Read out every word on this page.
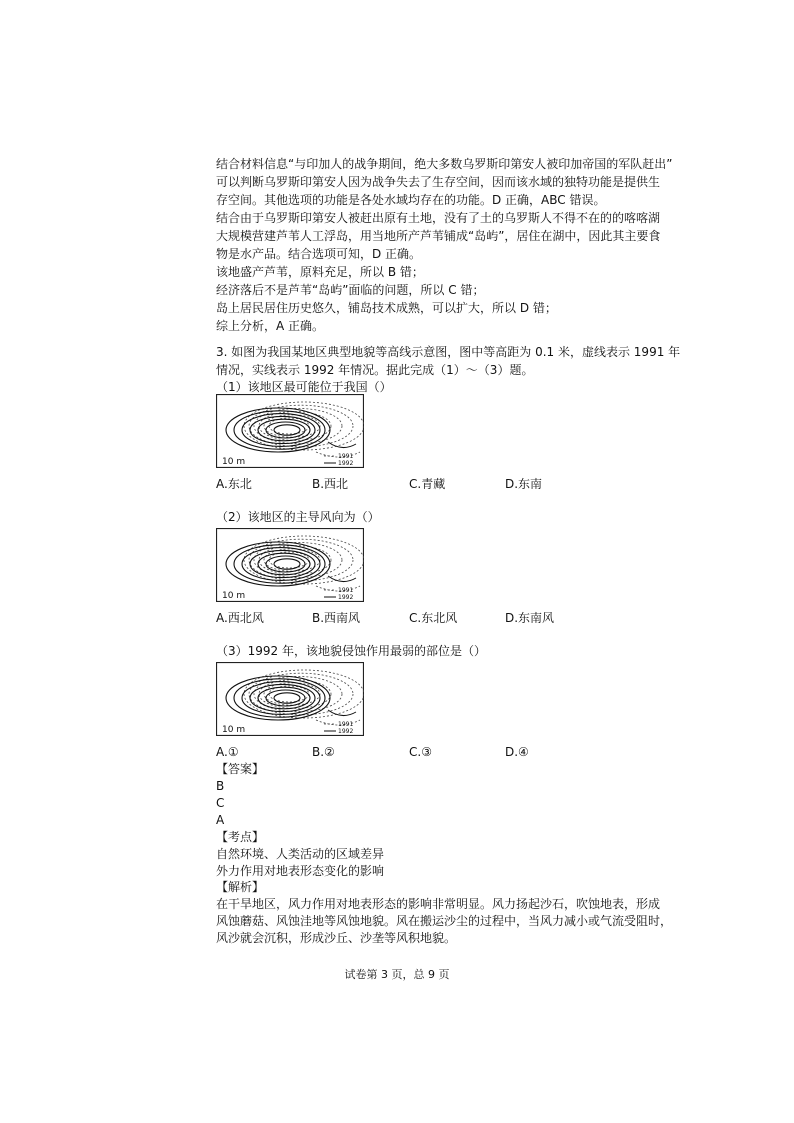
结合材料信息“与印加人的战争期间，绝大多数乌罗斯印第安人被印加帝国的军队赶出”
可以判断乌罗斯印第安人因为战争失去了生存空间，因而该水域的独特功能是提供生
存空间。其他选项的功能是各处水域均存在的功能。D 正确，ABC 错误。
结合由于乌罗斯印第安人被赶出原有土地，没有了土的乌罗斯人不得不在的的喀喀湖
大规模营建芦苇人工浮岛，用当地所产芦苇铺成“岛屿”，居住在湖中，因此其主要食
物是水产品。结合选项可知，D 正确。
该地盛产芦苇，原料充足，所以 B 错；
经济落后不是芦苇“岛屿”面临的问题，所以 C 错；
岛上居民居住历史悠久，铺岛技术成熟，可以扩大，所以 D 错；
综上分析，A 正确。
3. 如图为我国某地区典型地貌等高线示意图，图中等高距为 0.1 米，虚线表示 1991 年
情况，实线表示 1992 年情况。据此完成（1）～（3）题。
（1）该地区最可能位于我国（）
10 m
1991
1992
A.东北	B.西北	C.青藏	D.东南
（2）该地区的主导风向为（）
10 m
1991
1992
A.西北风	B.西南风	C.东北风	D.东南风
（3）1992 年，该地貌侵蚀作用最弱的部位是（）
10 m
1991
1992
A.①	B.②	C.③	D.④
【答案】
B
C
A
【考点】
自然环境、人类活动的区域差异
外力作用对地表形态变化的影响
【解析】
在干旱地区，风力作用对地表形态的影响非常明显。风力扬起沙石，吹蚀地表，形成
风蚀蘑菇、风蚀洼地等风蚀地貌。风在搬运沙尘的过程中，当风力减小或气流受阻时，
风沙就会沉积，形成沙丘、沙垄等风积地貌。
试卷第 3 页，总 9 页
